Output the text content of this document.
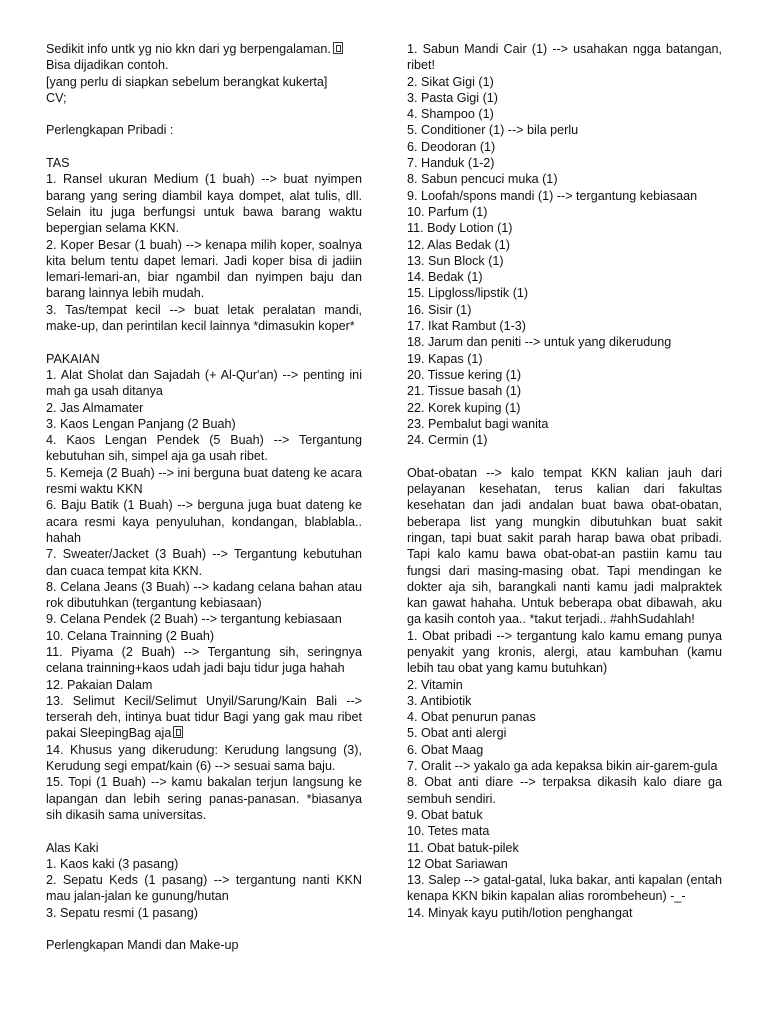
Sedikit info untk yg nio kkn dari yg berpengalaman.
Bisa dijadikan contoh.
[yang perlu di siapkan sebelum berangkat kukerta]
CV;
Perlengkapan Pribadi :
TAS
1. Ransel ukuran Medium (1 buah) --> buat nyimpen barang yang sering diambil kaya dompet, alat tulis, dll. Selain itu juga berfungsi untuk bawa barang waktu bepergian selama KKN.
2. Koper Besar (1 buah) --> kenapa milih koper, soalnya kita belum tentu dapet lemari. Jadi koper bisa di jadiin lemari-lemari-an, biar ngambil dan nyimpen baju dan barang lainnya lebih mudah.
3. Tas/tempat kecil --> buat letak peralatan mandi, make-up, dan perintilan kecil lainnya *dimasukin koper*
PAKAIAN
1. Alat Sholat dan Sajadah (+ Al-Qur'an) --> penting ini mah ga usah ditanya
2. Jas Almamater
3. Kaos Lengan Panjang (2 Buah)
4. Kaos Lengan Pendek (5 Buah) --> Tergantung kebutuhan sih, simpel aja ga usah ribet.
5. Kemeja (2 Buah) --> ini berguna buat dateng ke acara resmi waktu KKN
6. Baju Batik (1 Buah) --> berguna juga buat dateng ke acara resmi kaya penyuluhan, kondangan, blablabla.. hahah
7. Sweater/Jacket (3 Buah) --> Tergantung kebutuhan dan cuaca tempat kita KKN.
8. Celana Jeans (3 Buah) --> kadang celana bahan atau rok dibutuhkan (tergantung kebiasaan)
9. Celana Pendek (2 Buah) --> tergantung kebiasaan
10. Celana Trainning (2 Buah)
11. Piyama (2 Buah) --> Tergantung sih, seringnya celana trainning+kaos udah jadi baju tidur juga hahah
12. Pakaian Dalam
13. Selimut Kecil/Selimut Unyil/Sarung/Kain Bali --> terserah deh, intinya buat tidur Bagi yang gak mau ribet pakai SleepingBag aja
14. Khusus yang dikerudung: Kerudung langsung (3), Kerudung segi empat/kain (6) --> sesuai sama baju.
15. Topi (1 Buah) --> kamu bakalan terjun langsung ke lapangan dan lebih sering panas-panasan. *biasanya sih dikasih sama universitas.
Alas Kaki
1. Kaos kaki (3 pasang)
2. Sepatu Keds (1 pasang) --> tergantung nanti KKN mau jalan-jalan ke gunung/hutan
3. Sepatu resmi (1 pasang)
Perlengkapan Mandi dan Make-up
1. Sabun Mandi Cair (1) --> usahakan ngga batangan, ribet!
2. Sikat Gigi (1)
3. Pasta Gigi (1)
4. Shampoo (1)
5. Conditioner (1) --> bila perlu
6. Deodoran (1)
7. Handuk (1-2)
8. Sabun pencuci muka (1)
9. Loofah/spons mandi (1) --> tergantung kebiasaan
10. Parfum (1)
11. Body Lotion (1)
12. Alas Bedak (1)
13. Sun Block (1)
14. Bedak (1)
15. Lipgloss/lipstik (1)
16. Sisir (1)
17. Ikat Rambut (1-3)
18. Jarum dan peniti --> untuk yang dikerudung
19. Kapas (1)
20. Tissue kering (1)
21. Tissue basah (1)
22. Korek kuping (1)
23. Pembalut bagi wanita
24. Cermin (1)
Obat-obatan --> kalo tempat KKN kalian jauh dari pelayanan kesehatan, terus kalian dari fakultas kesehatan dan jadi andalan buat bawa obat-obatan, beberapa list yang mungkin dibutuhkan buat sakit ringan, tapi buat sakit parah harap bawa obat pribadi. Tapi kalo kamu bawa obat-obat-an pastiin kamu tau fungsi dari masing-masing obat. Tapi mendingan ke dokter aja sih, barangkali nanti kamu jadi malpraktek kan gawat hahaha. Untuk beberapa obat dibawah, aku ga kasih contoh yaa.. *takut terjadi.. #ahhSudahlah!
1. Obat pribadi --> tergantung kalo kamu emang punya penyakit yang kronis, alergi, atau kambuhan (kamu lebih tau obat yang kamu butuhkan)
2. Vitamin
3. Antibiotik
4. Obat penurun panas
5. Obat anti alergi
6. Obat Maag
7. Oralit --> yakalo ga ada kepaksa bikin air-garem-gula
8. Obat anti diare --> terpaksa dikasih kalo diare ga sembuh sendiri.
9. Obat batuk
10. Tetes mata
11. Obat batuk-pilek
12 Obat Sariawan
13. Salep --> gatal-gatal, luka bakar, anti kapalan (entah kenapa KKN bikin kapalan alias rorombeheun) -_-
14. Minyak kayu putih/lotion penghangat
